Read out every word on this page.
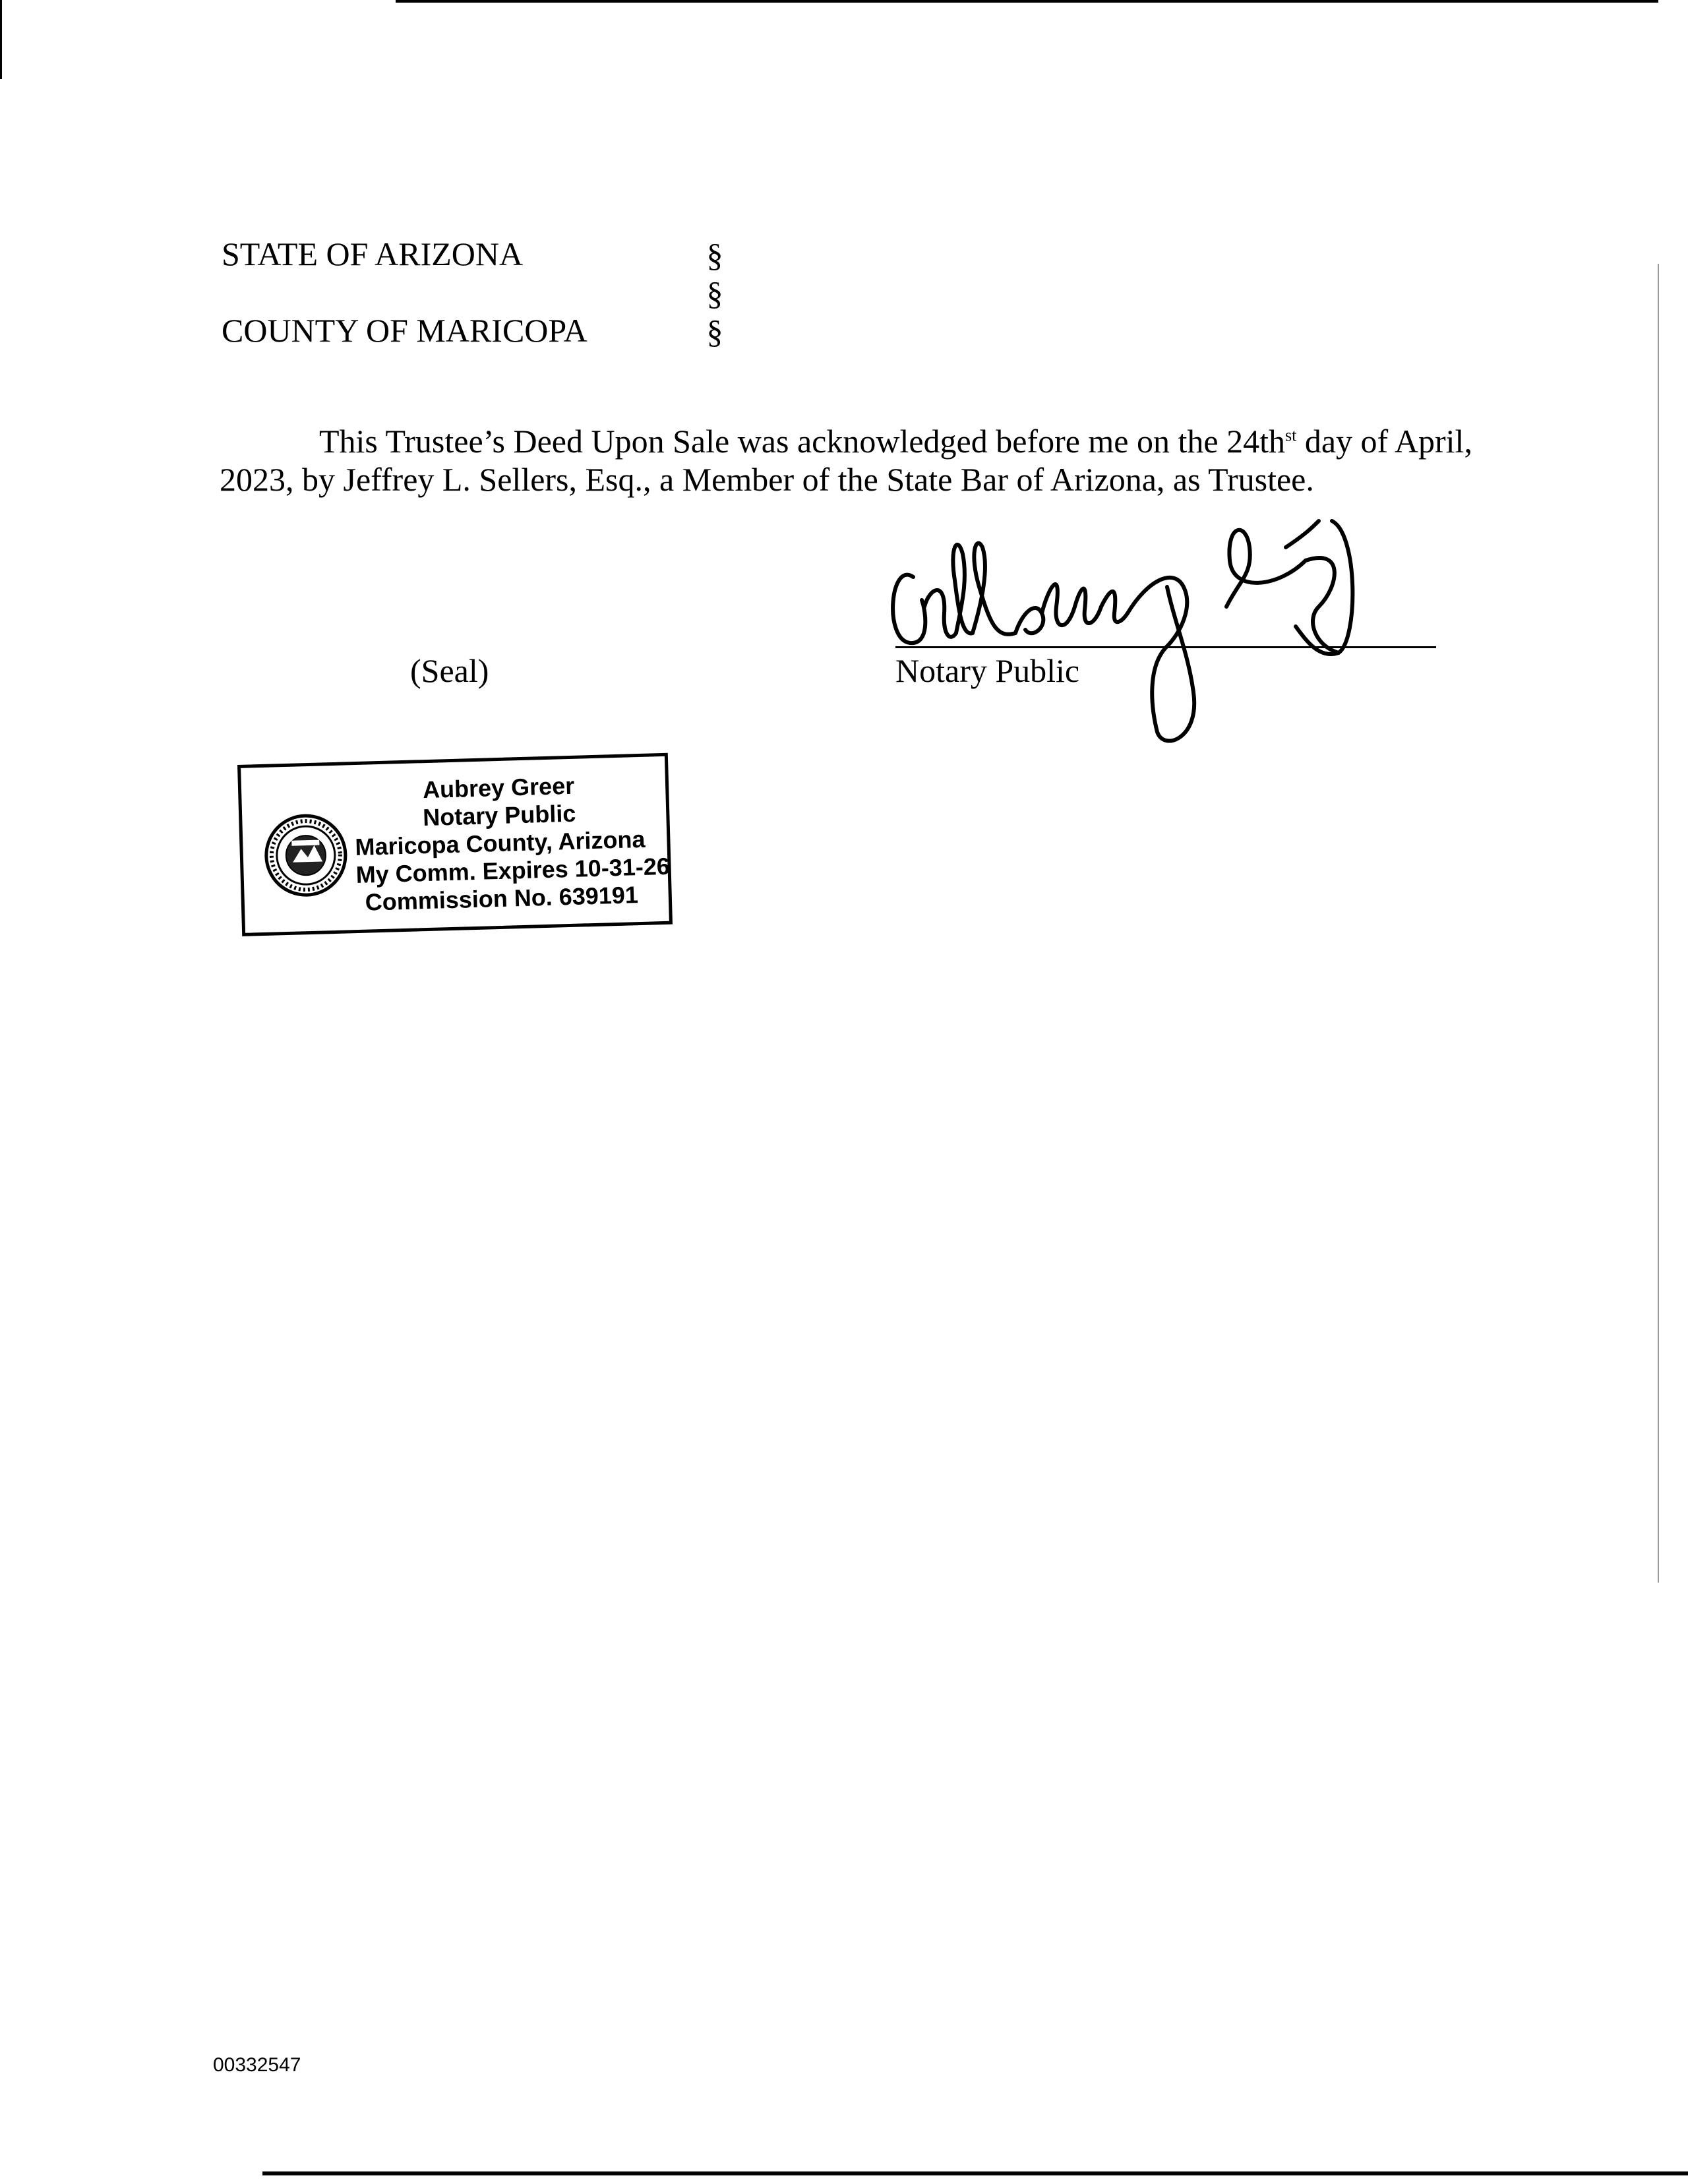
STATE OF ARIZONA
COUNTY OF MARICOPA
§
§
§
This Trustee’s Deed Upon Sale was acknowledged before me on the $24th^{st}$ day of April,
2023, by Jeffrey L. Sellers, Esq., a Member of the State Bar of Arizona, as Trustee.
(Seal)	Notary Public
Aubrey Greer
Notary Public
Maricopa County, Arizona
My Comm. Expires 10-31-26
Commission No. 639191
00332547
